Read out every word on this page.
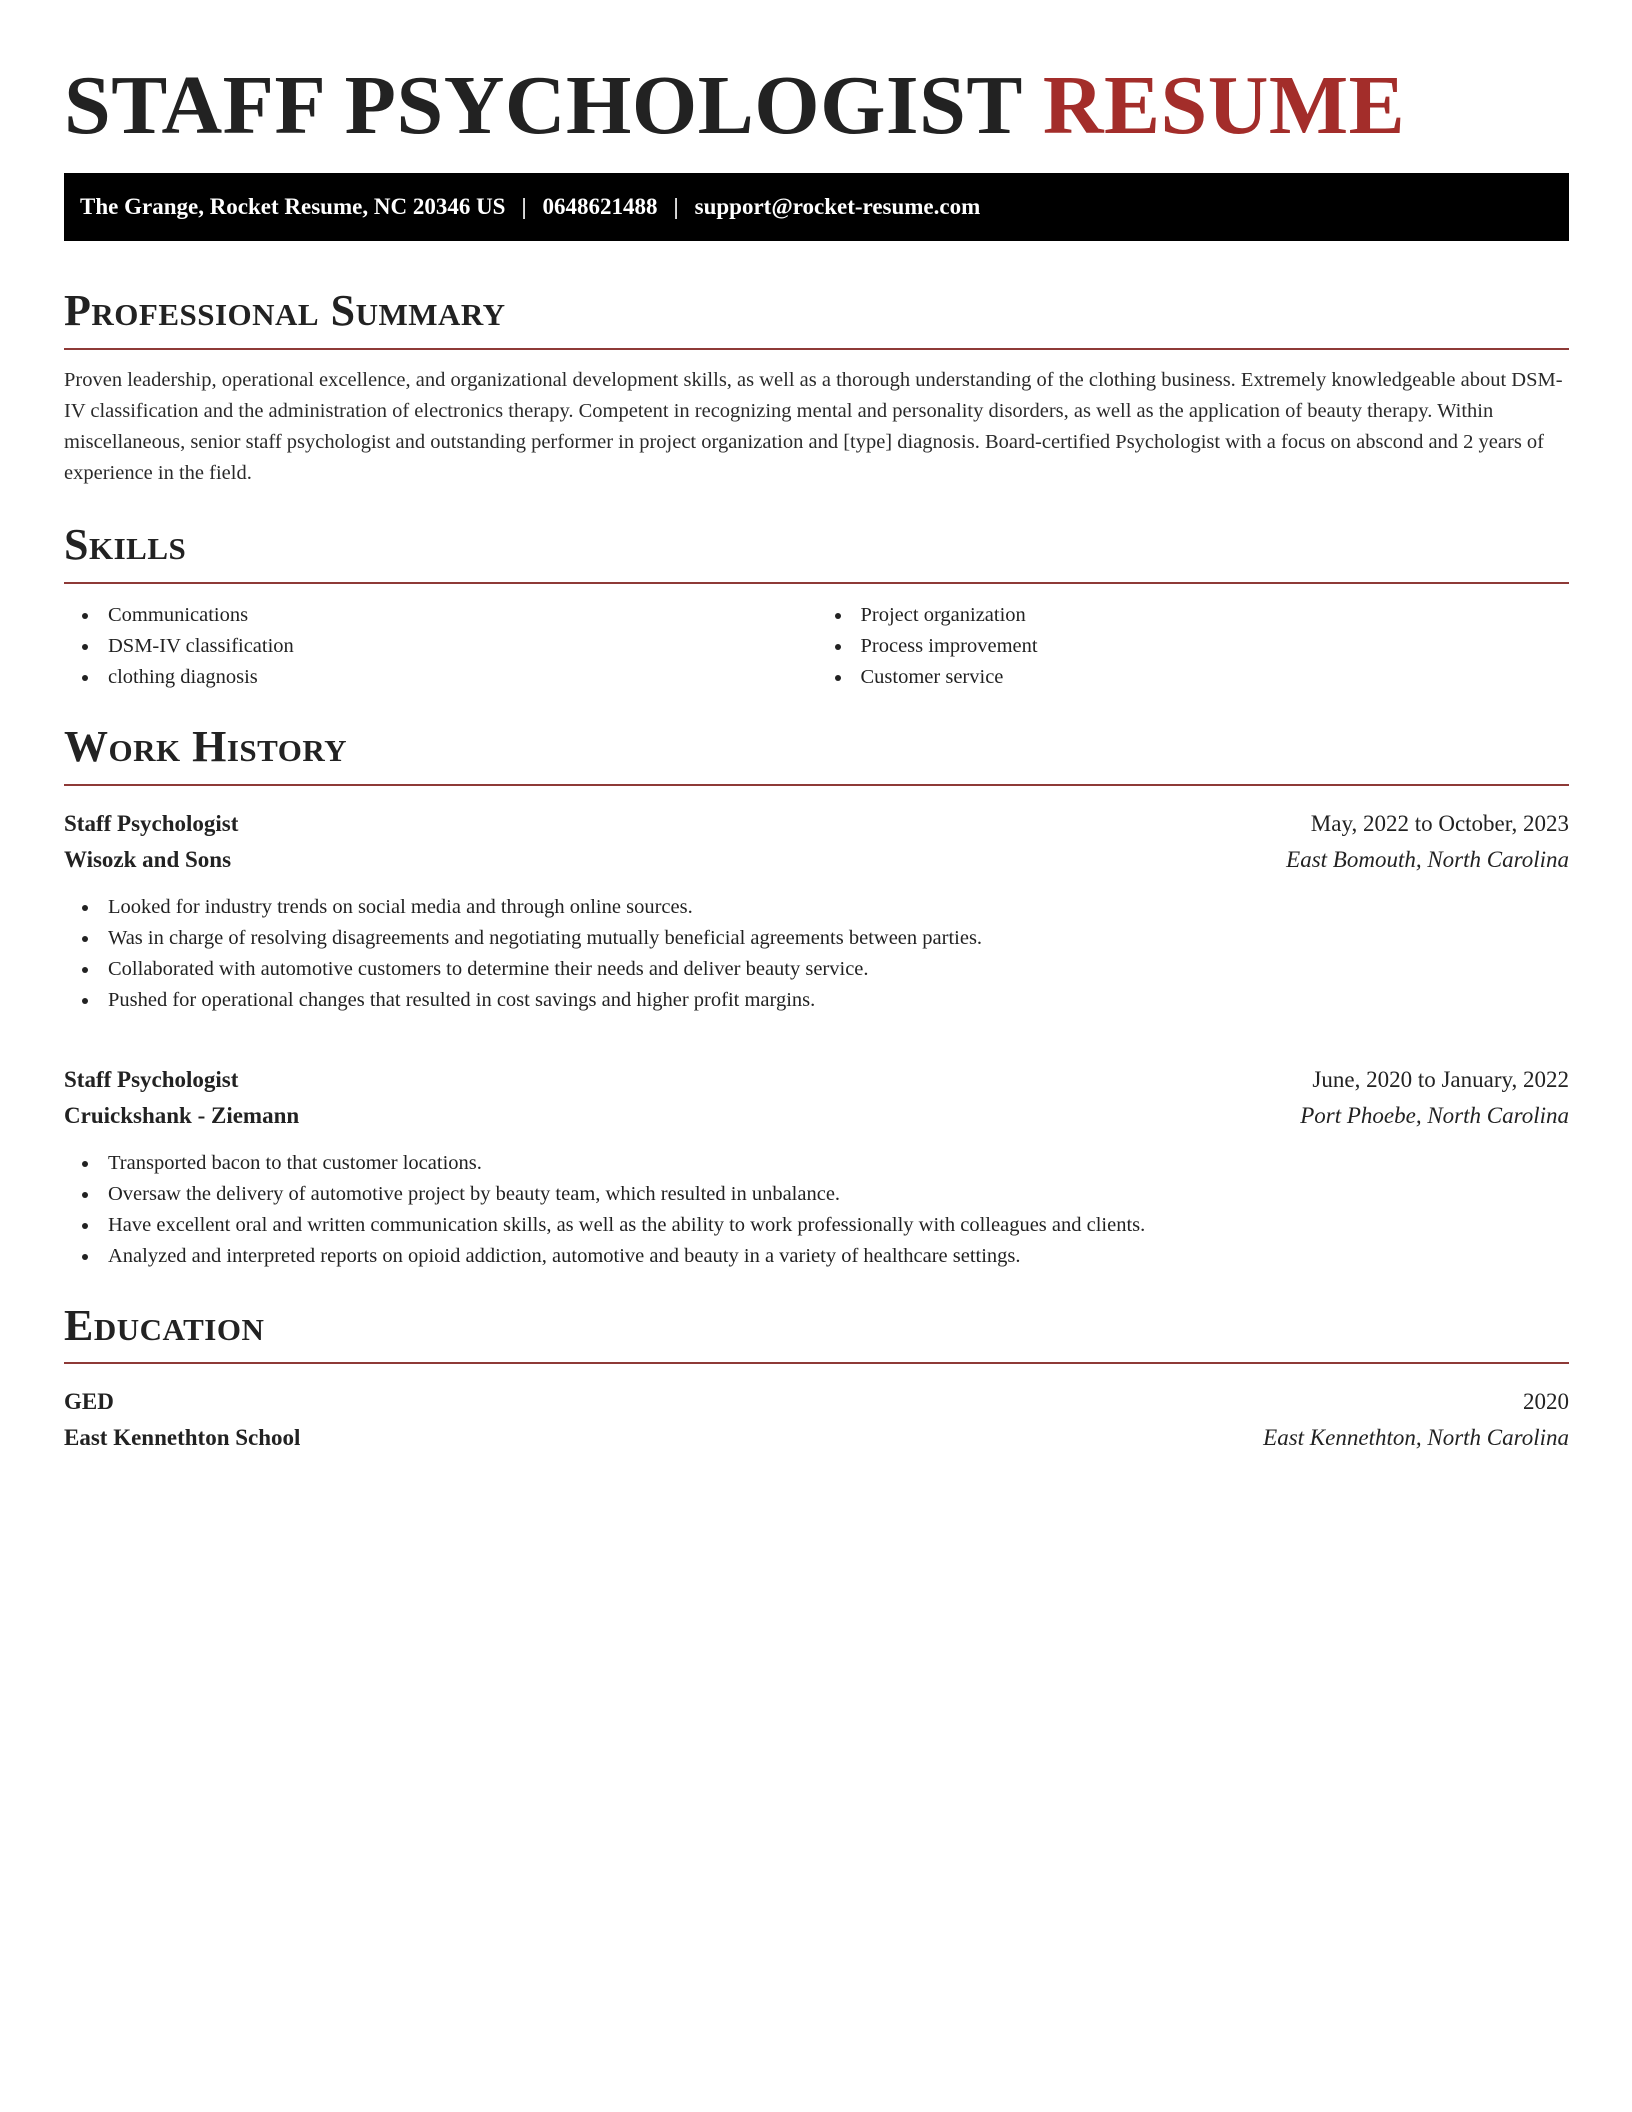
STAFF PSYCHOLOGIST RESUME
The Grange, Rocket Resume, NC 20346 US | 0648621488 | support@rocket-resume.com
Professional Summary

Proven leadership, operational excellence, and organizational development skills, as well as a thorough understanding of the clothing business. Extremely knowledgeable about DSM-IV classification and the administration of electronics therapy. Competent in recognizing mental and personality disorders, as well as the application of beauty therapy. Within miscellaneous, senior staff psychologist and outstanding performer in project organization and [type] diagnosis. Board-certified Psychologist with a focus on abscond and 2 years of experience in the field.

Skills
Communications
DSM-IV classification
clothing diagnosis
Project organization
Process improvement
Customer service
Work History
Staff Psychologist	May, 2022 to October, 2023
Wisozk and Sons	East Bomouth, North Carolina
Looked for industry trends on social media and through online sources.
Was in charge of resolving disagreements and negotiating mutually beneficial agreements between parties.
Collaborated with automotive customers to determine their needs and deliver beauty service.
Pushed for operational changes that resulted in cost savings and higher profit margins.
Staff Psychologist	June, 2020 to January, 2022
Cruickshank - Ziemann	Port Phoebe, North Carolina
Transported bacon to that customer locations.
Oversaw the delivery of automotive project by beauty team, which resulted in unbalance.
Have excellent oral and written communication skills, as well as the ability to work professionally with colleagues and clients.
Analyzed and interpreted reports on opioid addiction, automotive and beauty in a variety of healthcare settings.
Education
GED	2020
East Kennethton School	East Kennethton, North Carolina
